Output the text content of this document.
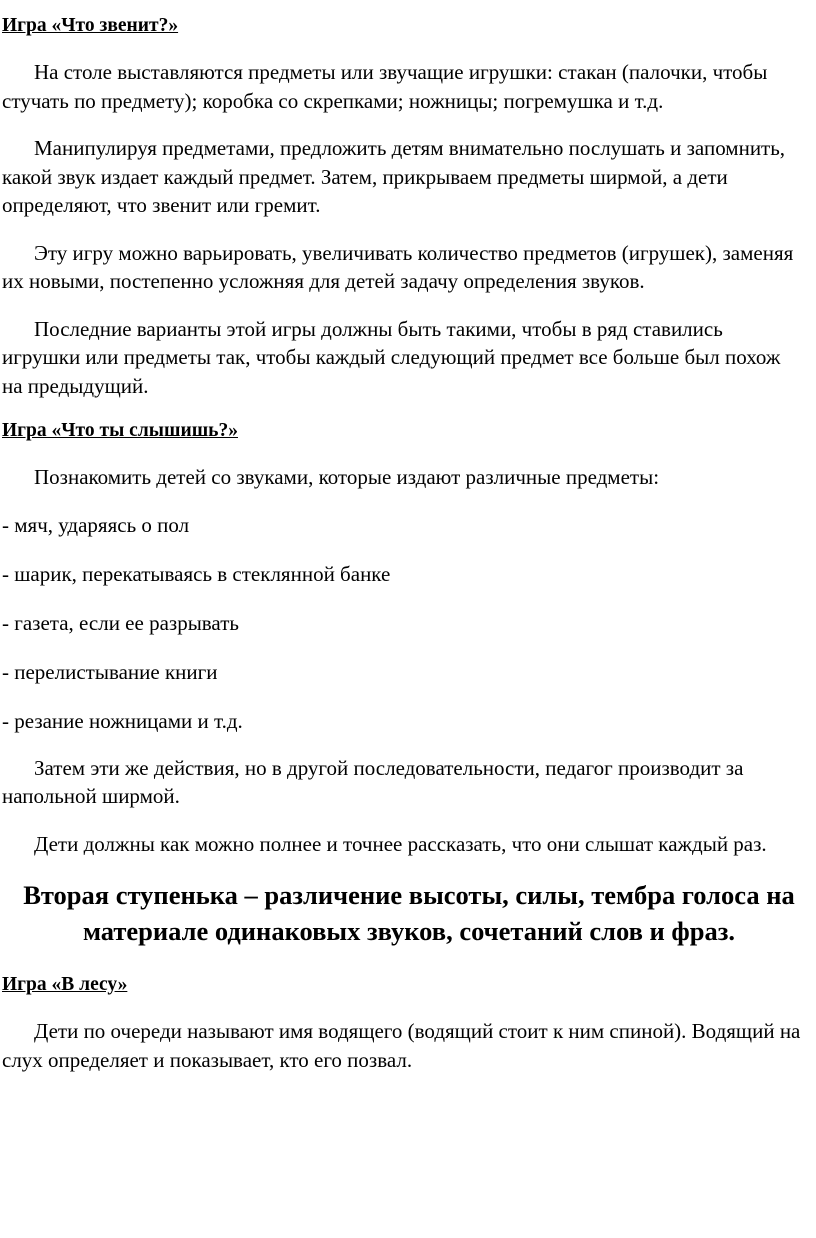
Игра «Что звенит?»

На столе выставляются предметы или звучащие игрушки: стакан (палочки, чтобы стучать по предмету); коробка со скрепками; ножницы; погремушка и т.д.

Манипулируя предметами, предложить детям внимательно послушать и запомнить, какой звук издает каждый предмет. Затем, прикрываем предметы ширмой, а дети определяют, что звенит или гремит.

Эту игру можно варьировать, увеличивать количество предметов (игрушек), заменяя их новыми, постепенно усложняя для детей задачу определения звуков.

Последние варианты этой игры должны быть такими, чтобы в ряд ставились игрушки или предметы так, чтобы каждый следующий предмет все больше был похож на предыдущий.

Игра «Что ты слышишь?»

Познакомить детей со звуками, которые издают различные предметы:

- мяч, ударяясь о пол
- шарик, перекатываясь в стеклянной банке
- газета, если ее разрывать
- перелистывание книги
- резание ножницами и т.д.

Затем эти же действия, но в другой последовательности, педагог производит за напольной ширмой.

Дети должны как можно полнее и точнее рассказать, что они слышат каждый раз.

Вторая ступенька – различение высоты, силы, тембра голоса на материале одинаковых звуков, сочетаний слов и фраз.
Игра «В лесу»

Дети по очереди называют имя водящего (водящий стоит к ним спиной). Водящий на слух определяет и показывает, кто его позвал.
